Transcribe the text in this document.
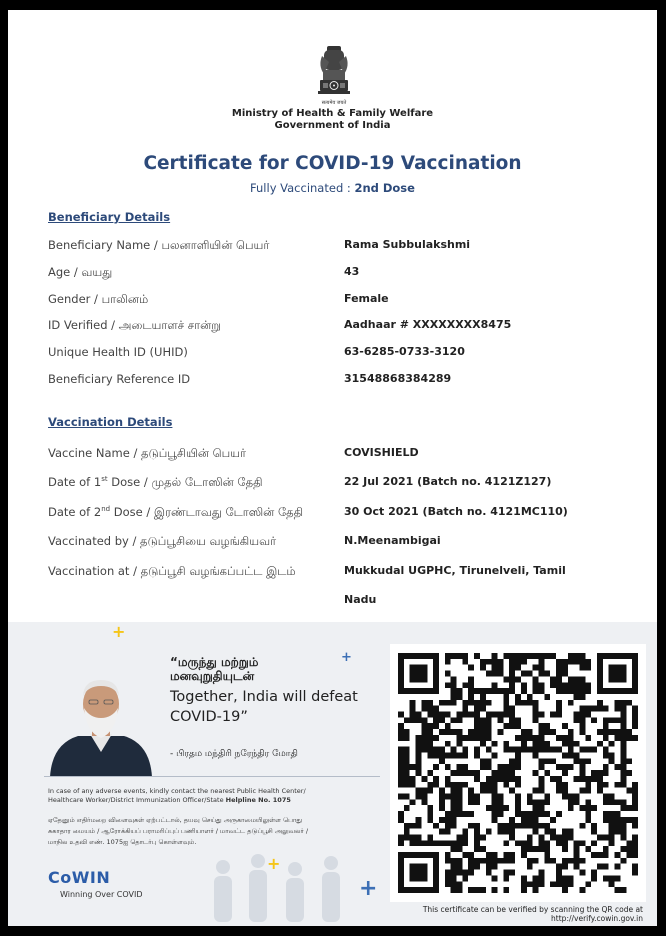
सत्यमेव जयते
Ministry of Health & Family Welfare
Government of India
Certificate for COVID-19 Vaccination
Fully Vaccinated : 2nd Dose
Beneficiary Details
Beneficiary Name / பலனாளியின் பெயர்	Rama Subbulakshmi
Age / வயது	43
Gender / பாலினம்	Female
ID Verified / அடையாளச் சான்று	Aadhaar # XXXXXXXX8475
Unique Health ID (UHID)	63-6285-0733-3120
Beneficiary Reference ID	31548868384289
Vaccination Details
Vaccine Name / தடுப்பூசியின் பெயர்	COVISHIELD
Date of 1st Dose / முதல் டோஸின் தேதி	22 Jul 2021 (Batch no. 4121Z127)
Date of 2nd Dose / இரண்டாவது டோஸின் தேதி	30 Oct 2021 (Batch no. 4121MC110)
Vaccinated by / தடுப்பூசியை வழங்கியவர்	N.Meenambigai
Vaccination at / தடுப்பூசி வழங்கப்பட்ட இடம்	Mukkudal UGPHC, Tirunelveli, Tamil
Nadu
+
+
+
+
“மருந்து மற்றும்
மனவுறுதியுடன்
Together, India will defeat
COVID-19”
- பிரதம மந்திரி நரேந்திர மோதி
In case of any adverse events, kindly contact the nearest Public Health Center/
Healthcare Worker/District Immunization Officer/State Helpline No. 1075
ஏதேனும் எதிர்மறை விளைவுகள் ஏற்பட்டால், தயவு செய்து அருகாமையிலுள்ள பொது
சுகாதார மையம் / ஆரோக்கியப் பராமரிப்புப் பணியாளர் / மாவட்ட தடுப்பூசி அலுவலர் /
மாநில உதவி எண். 1075ஐ தொடர்பு கொள்ளவும்.
CoWIN
Winning Over COVID
This certificate can be verified by scanning the QR code at
http://verify.cowin.gov.in
